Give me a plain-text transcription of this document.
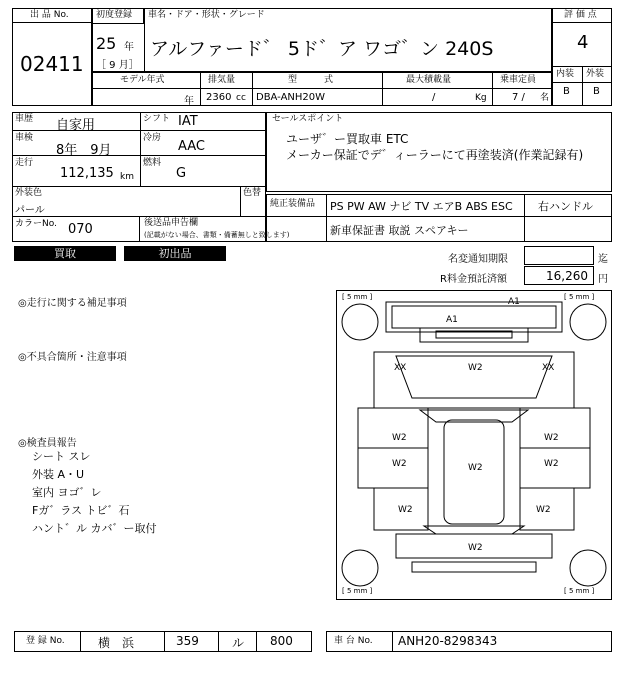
出 品 No.
02411
初度登録 車名・ドア・形状・グレード
25 年
［ 9 月］
アルファード゛ 5ド゛ア ワゴ゛ン 240S
評 価 点
4
内装 外装
B B
モデル年式	排気量	型　　　式	最大積載量	乗車定員
年 2360 cc DBA-ANH20W	/	Kg	7 / 名
車歴 自家用	シフト IAT
車検
8年　9月
冷房
AAC
走行
112,135 km
燃料
G
外装色
パール
色替
カラーNo. 070	後送品申告欄
(記載がない場合、書類・備蓄無しと致します)
セールスポイント
ユーザ゛ー買取車 ETC
メーカー保証でデ゛ィーラーにて再塗装済(作業記録有)
純正装備品 PS PW AW ナビ TV エアB ABS ESC 右ハンドル
新車保証書 取説 スペアキー
買取	初出品	名変通知期限	迄
R料金預託済額	16,260 円
◎走行に関する補足事項
◎不具合箇所・注意事項
◎検査員報告
シート スレ
外装 A・U
室内 ヨゴ゛レ
Fガ゛ラス トビ゛石
ハント゛ル カバ゛ー取付
[ 5 mm ]	[ 5 mm ]
[ 5 mm ]	[ 5 mm ]
A1
A1
XX	XX
W2
W2
W2
W2
W2
W2
W2
W2
W2
登 録 No.	横　浜	359	ル 800	車 台 No. ANH20-8298343
